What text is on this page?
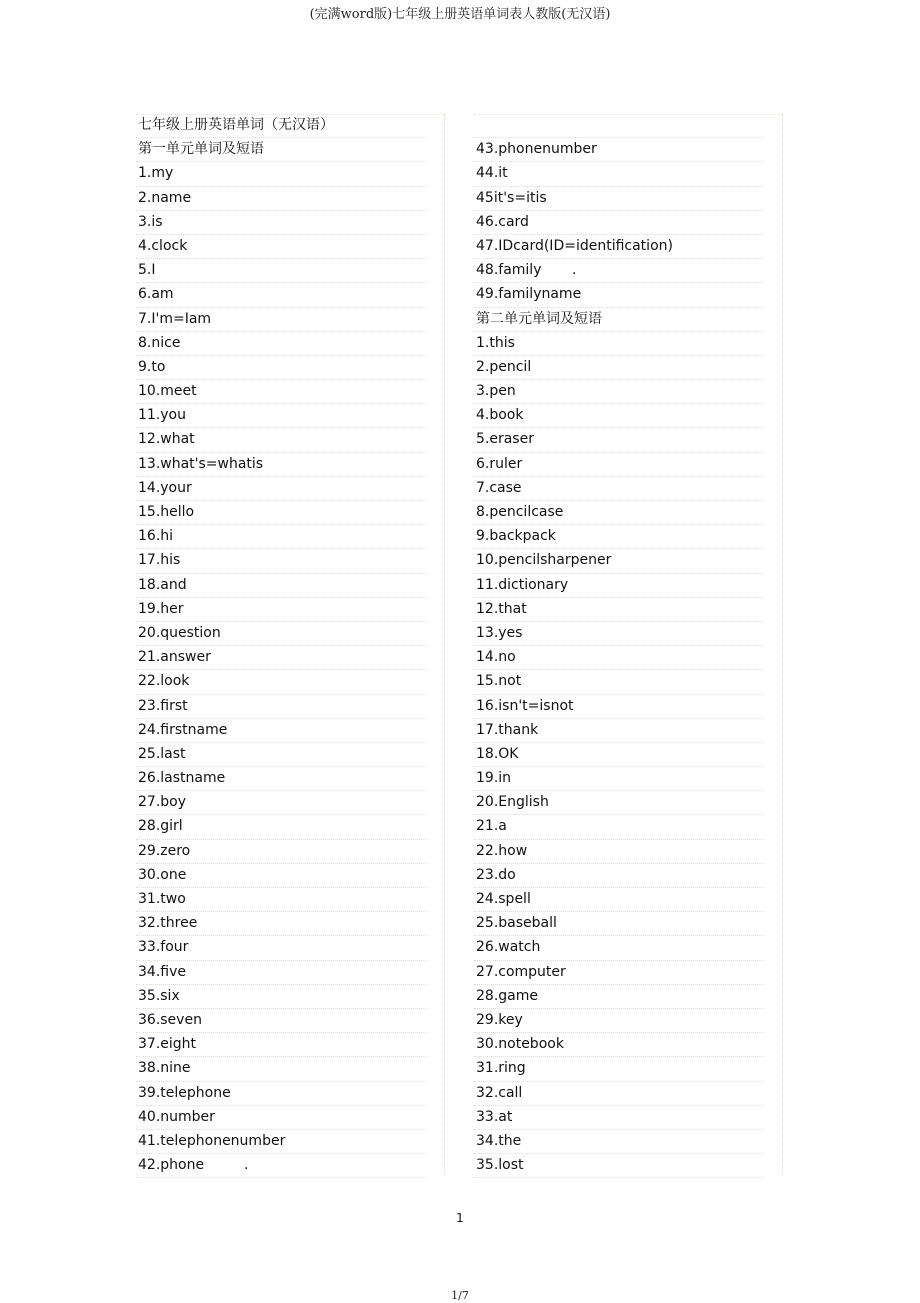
(完满word版)七年级上册英语单词表人教版(无汉语)
七年级上册英语单词（无汉语）
第一单元单词及短语
1.my
2.name
3.is
4.clock
5.I
6.am
7.I'm=Iam
8.nice
9.to
10.meet
11.you
12.what
13.what's=whatis
14.your
15.hello
16.hi
17.his
18.and
19.her
20.question
21.answer
22.look
23.first
24.firstname
25.last
26.lastname
27.boy
28.girl
29.zero
30.one
31.two
32.three
33.four
34.five
35.six
36.seven
37.eight
38.nine
39.telephone
40.number
41.telephonenumber
42.phone	.
43.phonenumber
44.it
45it's=itis
46.card
47.IDcard(ID=identification)
48.family .
49.familyname
第二单元单词及短语
1.this
2.pencil
3.pen
4.book
5.eraser
6.ruler
7.case
8.pencilcase
9.backpack
10.pencilsharpener
11.dictionary
12.that
13.yes
14.no
15.not
16.isn't=isnot
17.thank
18.OK
19.in
20.English
21.a
22.how
23.do
24.spell
25.baseball
26.watch
27.computer
28.game
29.key
30.notebook
31.ring
32.call
33.at
34.the
35.lost
1
1/7
